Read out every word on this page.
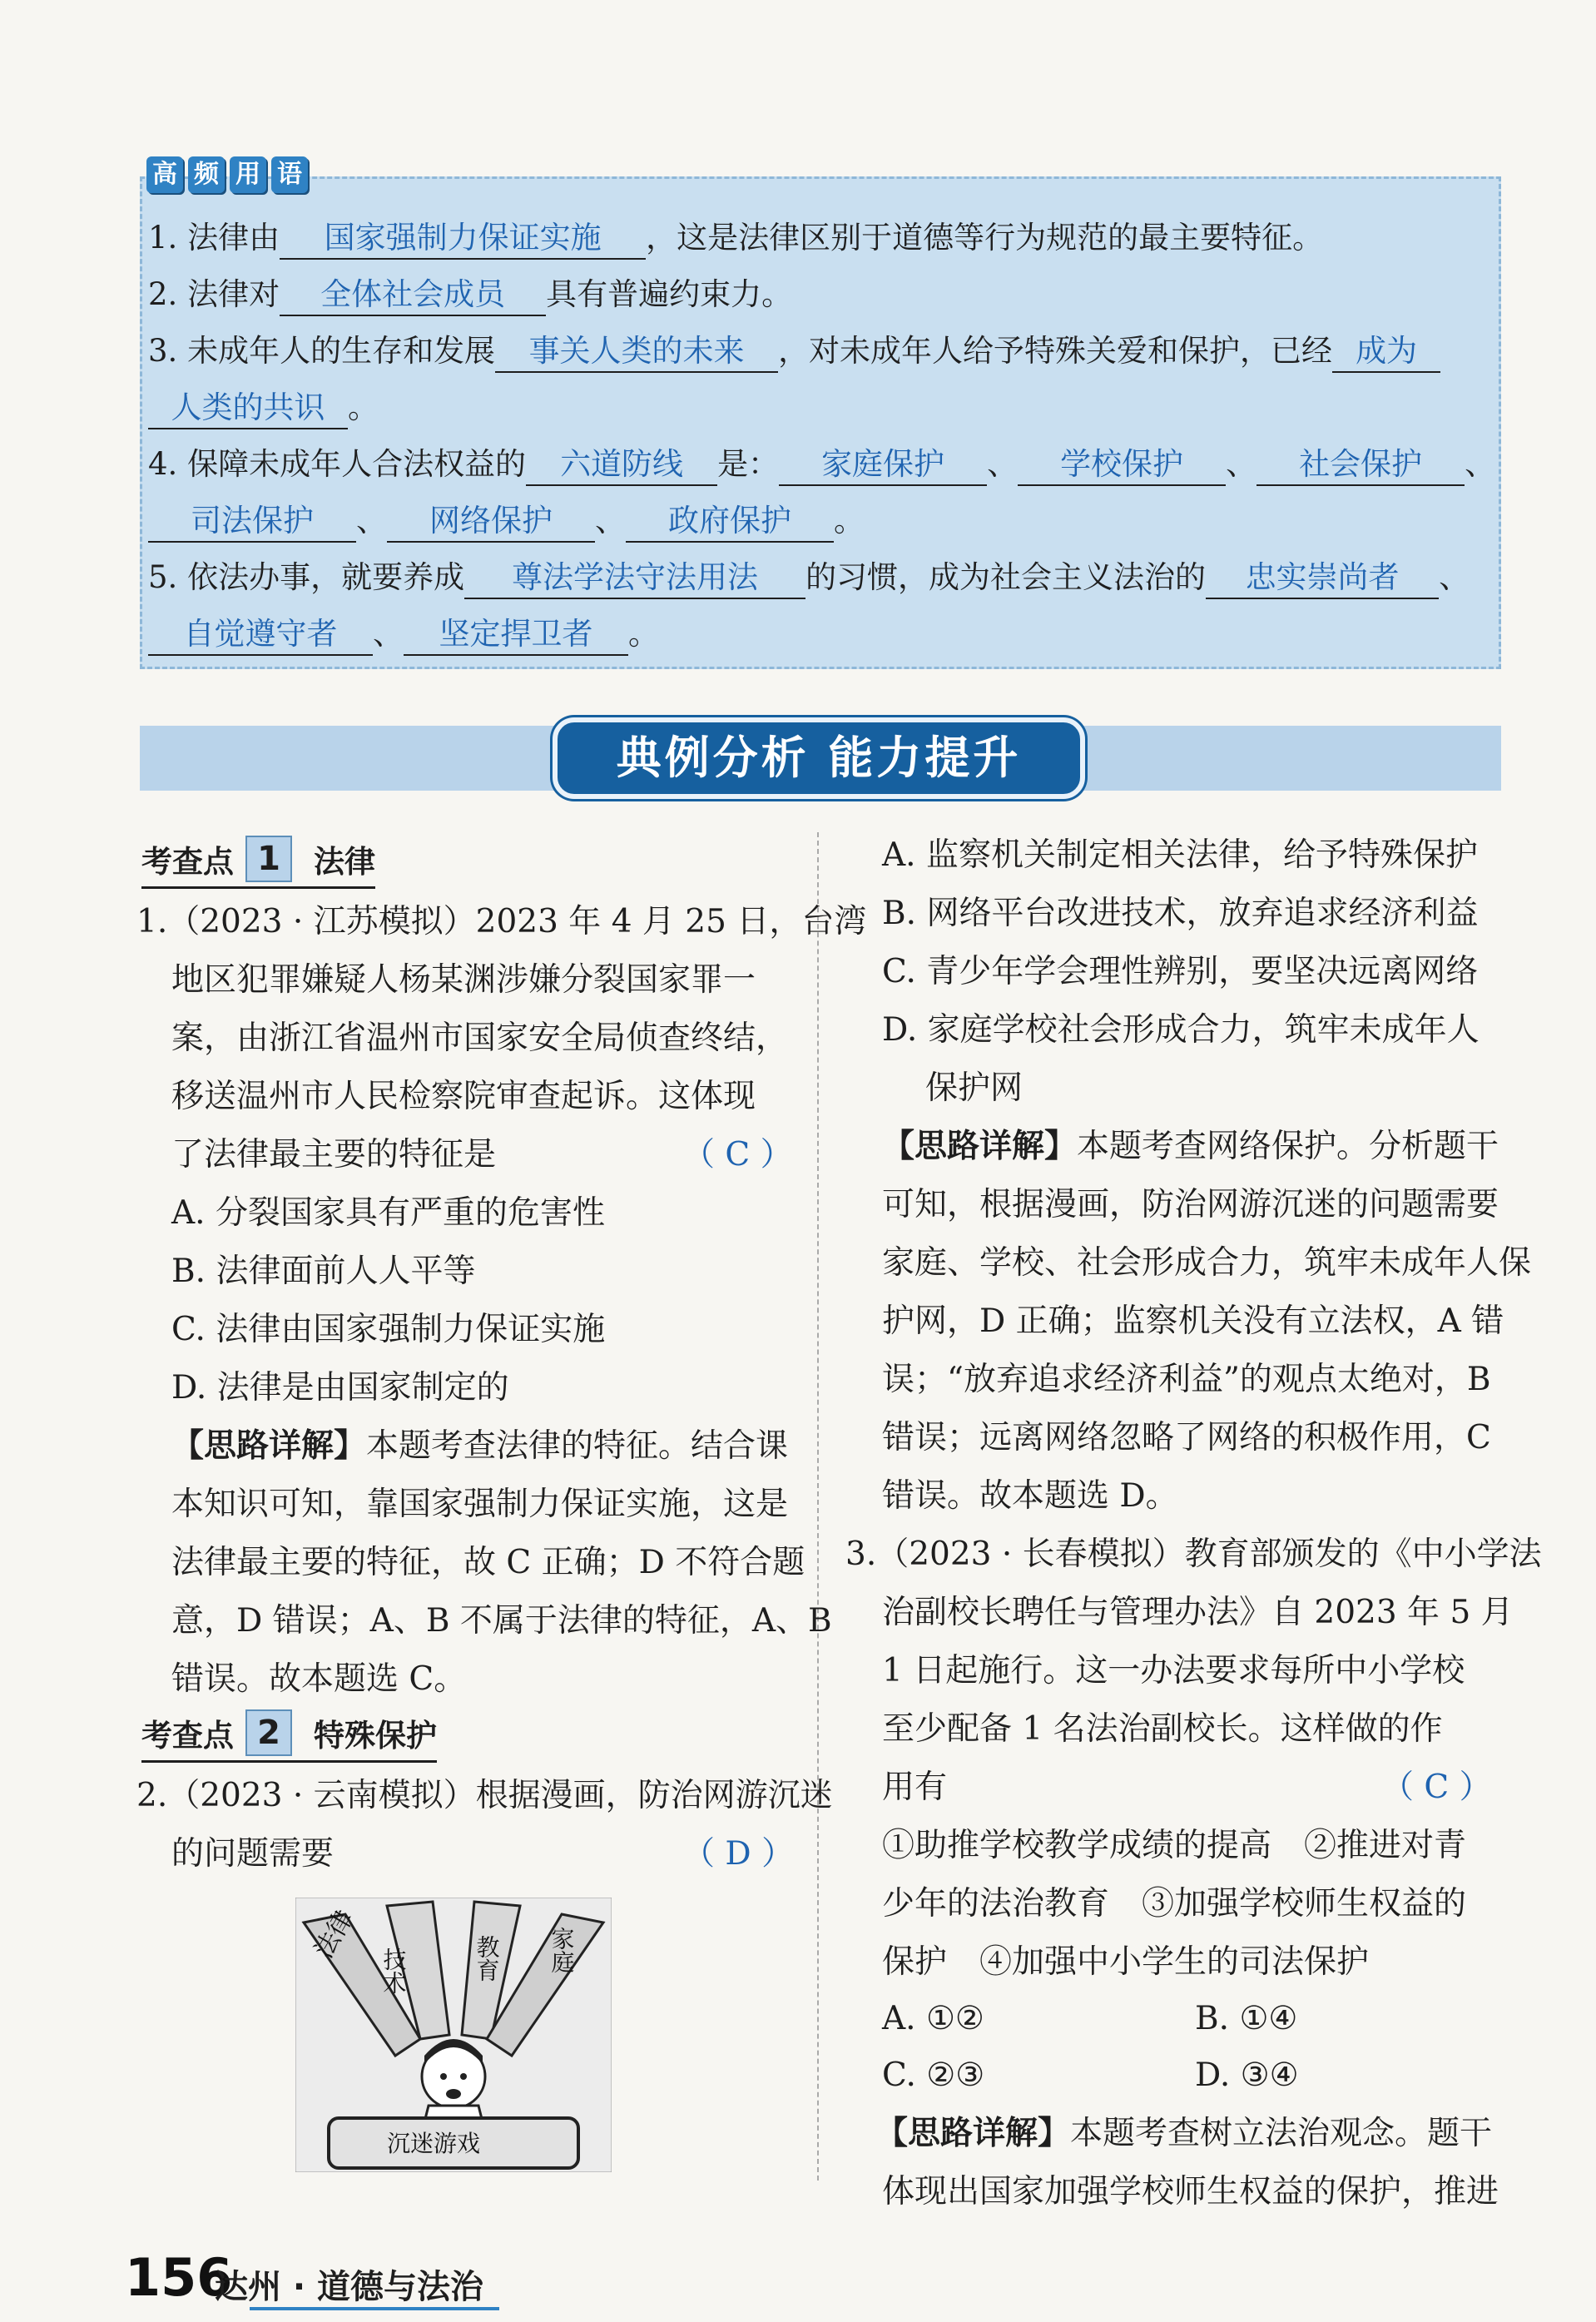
高 频 用 语
1. 法律由 国家强制力保证实施 ，这是法律区别于道德等行为规范的最主要特征。
2. 法律对 全体社会成员 具有普遍约束力。
3. 未成年人的生存和发展 事关人类的未来 ，对未成年人给予特殊关爱和保护，已经 成为
人类的共识 。
4. 保障未成年人合法权益的 六道防线 是： 家庭保护 、 学校保护 、 社会保护 、
司法保护 、 网络保护 、 政府保护 。
5. 依法办事，就要养成 尊法学法守法用法 的习惯，成为社会主义法治的 忠实崇尚者 、
自觉遵守者 、 坚定捍卫者 。
典例分析 能力提升
考查点 1	法律
1.（2023 · 江苏模拟）2023 年 4 月 25 日，台湾
地区犯罪嫌疑人杨某渊涉嫌分裂国家罪一
案，由浙江省温州市国家安全局侦查终结，
移送温州市人民检察院审查起诉。这体现
了法律最主要的特征是	（ C ）
A. 分裂国家具有严重的危害性
B. 法律面前人人平等
C. 法律由国家强制力保证实施
D. 法律是由国家制定的
【思路详解】本题考查法律的特征。结合课
本知识可知，靠国家强制力保证实施，这是
法律最主要的特征，故 C 正确；D 不符合题
意，D 错误；A、B 不属于法律的特征，A、B
错误。故本题选 C。
考查点 2	特殊保护
2.（2023 · 云南模拟）根据漫画，防治网游沉迷
的问题需要	（ D ）
法律
技术	教育 家庭
沉迷游戏
A. 监察机关制定相关法律，给予特殊保护
B. 网络平台改进技术，放弃追求经济利益
C. 青少年学会理性辨别，要坚决远离网络
D. 家庭学校社会形成合力，筑牢未成年人
保护网
【思路详解】本题考查网络保护。分析题干
可知，根据漫画，防治网游沉迷的问题需要
家庭、学校、社会形成合力，筑牢未成年人保
护网，D 正确；监察机关没有立法权，A 错
误；“放弃追求经济利益”的观点太绝对，B
错误；远离网络忽略了网络的积极作用，C
错误。故本题选 D。
3.（2023 · 长春模拟）教育部颁发的《中小学法
治副校长聘任与管理办法》自 2023 年 5 月
1 日起施行。这一办法要求每所中小学校
至少配备 1 名法治副校长。这样做的作
用有	（ C ）
①助推学校教学成绩的提高　②推进对青
少年的法治教育　③加强学校师生权益的
保护　④加强中小学生的司法保护
A. ①②	B. ①④
C. ②③	D. ③④
【思路详解】本题考查树立法治观念。题干
体现出国家加强学校师生权益的保护，推进
156
达州 · 道德与法治
